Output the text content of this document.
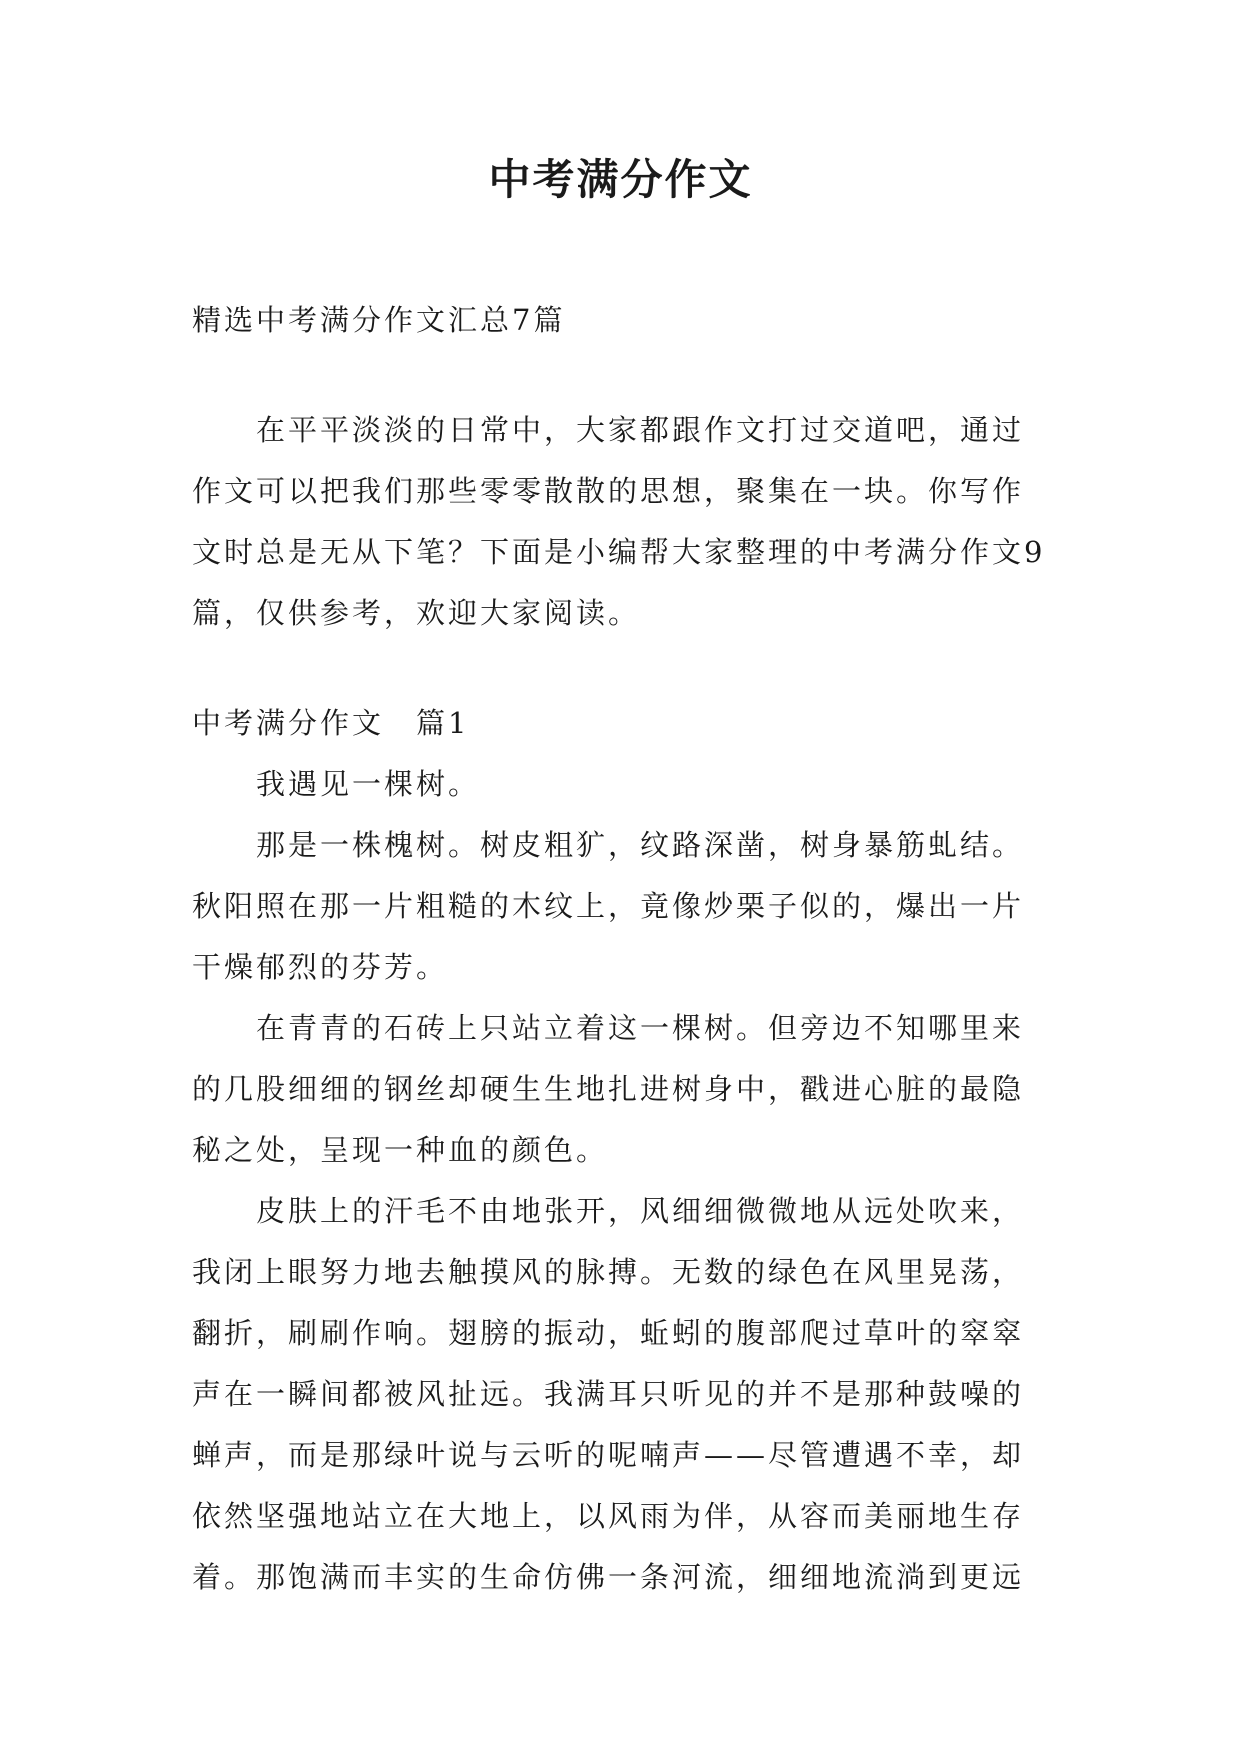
中考满分作文

精选中考满分作文汇总7篇

在平平淡淡的日常中，大家都跟作文打过交道吧，通过作文可以把我们那些零零散散的思想，聚集在一块。你写作文时总是无从下笔？下面是小编帮大家整理的中考满分作文9篇，仅供参考，欢迎大家阅读。

中考满分作文　篇1

我遇见一棵树。

那是一株槐树。树皮粗犷，纹路深凿，树身暴筋虬结。秋阳照在那一片粗糙的木纹上，竟像炒栗子似的，爆出一片干燥郁烈的芬芳。

在青青的石砖上只站立着这一棵树。但旁边不知哪里来的几股细细的钢丝却硬生生地扎进树身中，戳进心脏的最隐秘之处，呈现一种血的颜色。

皮肤上的汗毛不由地张开，风细细微微地从远处吹来，我闭上眼努力地去触摸风的脉搏。无数的绿色在风里晃荡，翻折，刷刷作响。翅膀的振动，蚯蚓的腹部爬过草叶的窣窣声在一瞬间都被风扯远。我满耳只听见的并不是那种鼓噪的蝉声，而是那绿叶说与云听的呢喃声——尽管遭遇不幸，却依然坚强地站立在大地上，以风雨为伴，从容而美丽地生存着。那饱满而丰实的生命仿佛一条河流，细细地流淌到更远
